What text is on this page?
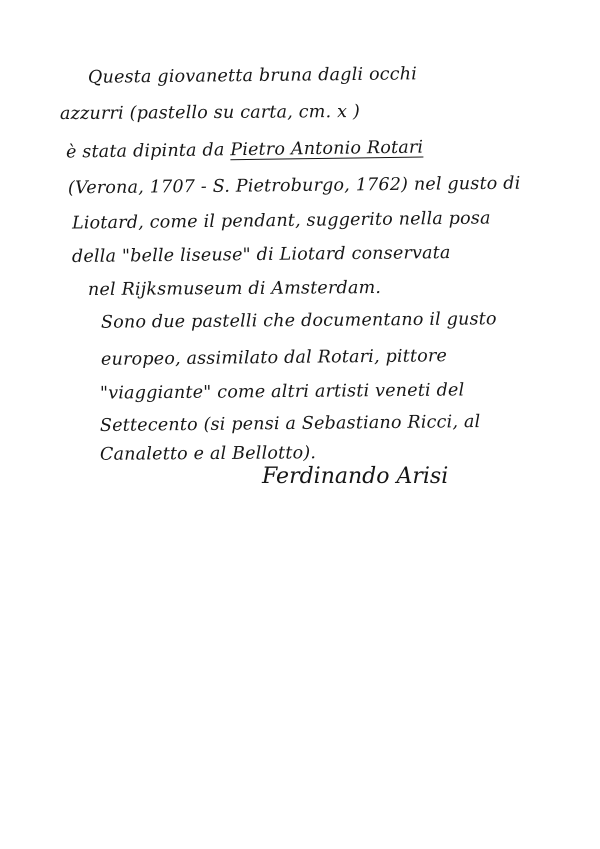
Questa giovanetta bruna dagli occhi
azzurri (pastello su carta, cm. x )
è stata dipinta da Pietro Antonio Rotari
(Verona, 1707 - S. Pietroburgo, 1762) nel gusto di
Liotard, come il pendant, suggerito nella posa
della "belle liseuse" di Liotard conservata
nel Rijksmuseum di Amsterdam.
Sono due pastelli che documentano il gusto
europeo, assimilato dal Rotari, pittore
"viaggiante" come altri artisti veneti del
Settecento (si pensi a Sebastiano Ricci, al
Canaletto e al Bellotto).
Ferdinando Arisi
